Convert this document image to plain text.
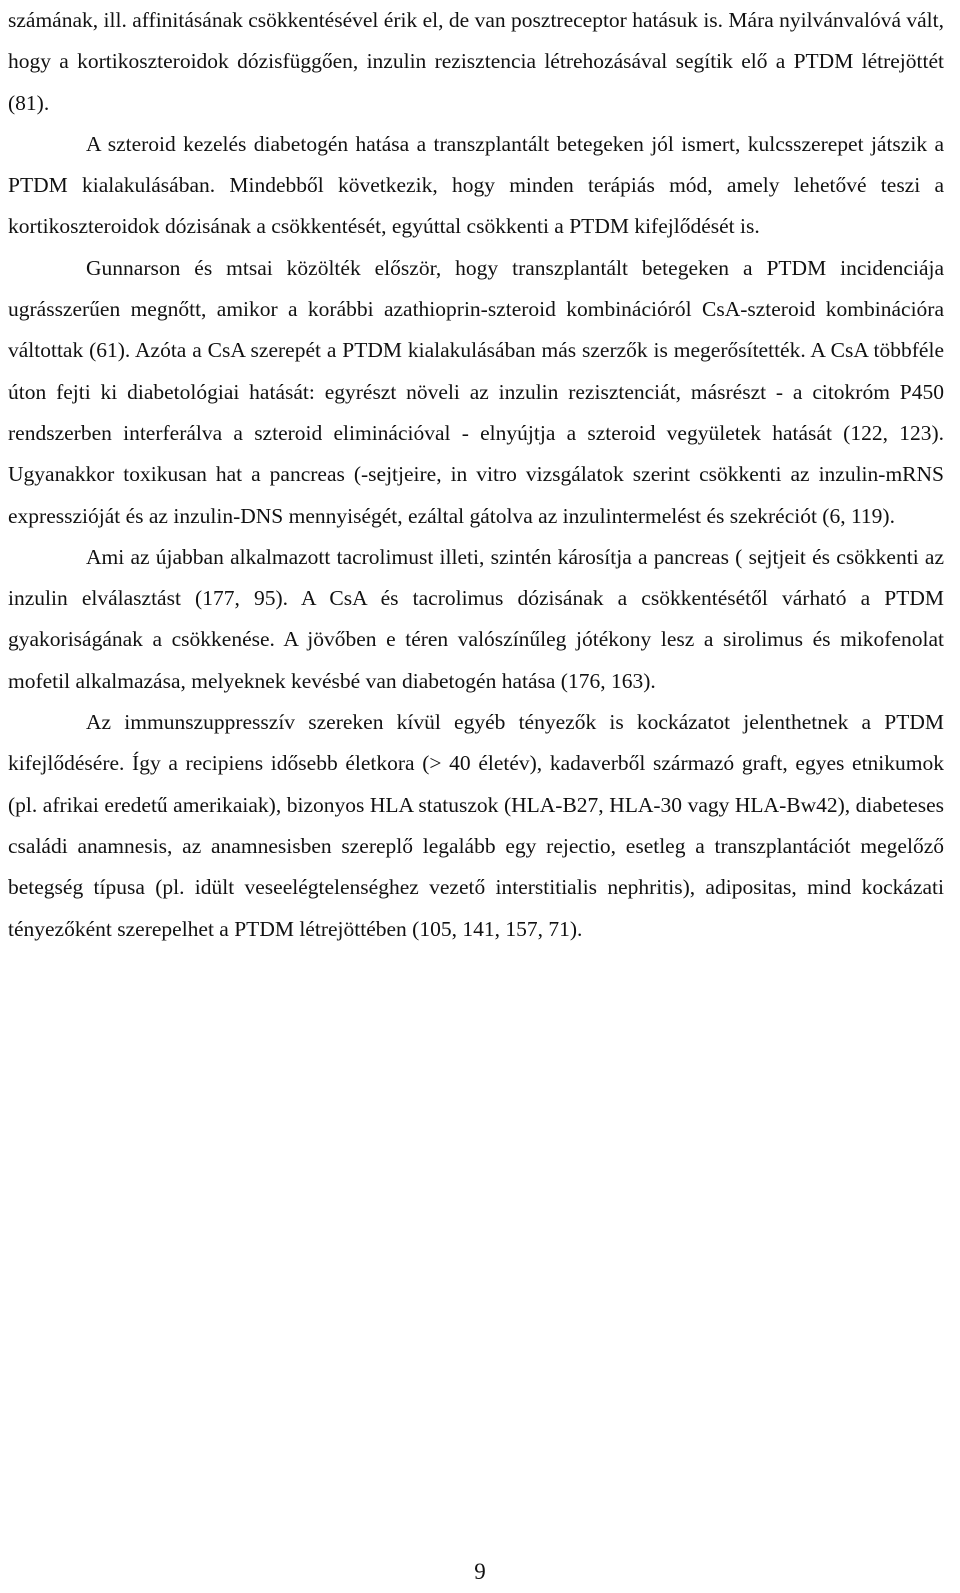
számának, ill. affinitásának csökkentésével érik el, de van posztreceptor hatásuk is. Mára nyilvánvalóvá vált, hogy a kortikoszteroidok dózisfüggően, inzulin rezisztencia létrehozásával segítik elő a PTDM létrejöttét (81).

A szteroid kezelés diabetogén hatása a transzplantált betegeken jól ismert, kulcsszerepet játszik a PTDM kialakulásában. Mindebből következik, hogy minden terápiás mód, amely lehetővé teszi a kortikoszteroidok dózisának a csökkentését, egyúttal csökkenti a PTDM kifejlődését is.

Gunnarson és mtsai közölték először, hogy transzplantált betegeken a PTDM incidenciája ugrásszerűen megnőtt, amikor a korábbi azathioprin-szteroid kombinációról CsA-szteroid kombinációra váltottak (61). Azóta a CsA szerepét a PTDM kialakulásában más szerzők is megerősítették. A CsA többféle úton fejti ki diabetológiai hatását: egyrészt növeli az inzulin rezisztenciát, másrészt - a citokróm P450 rendszerben interferálva a szteroid eliminációval - elnyújtja a szteroid vegyületek hatását (122, 123). Ugyanakkor toxikusan hat a pancreas (-sejtjeire, in vitro vizsgálatok szerint csökkenti az inzulin-mRNS expresszióját és az inzulin-DNS mennyiségét, ezáltal gátolva az inzulintermelést és szekréciót (6, 119).

Ami az újabban alkalmazott tacrolimust illeti, szintén károsítja a pancreas ( sejtjeit és csökkenti az inzulin elválasztást (177, 95). A CsA és tacrolimus dózisának a csökkentésétől várható a PTDM gyakoriságának a csökkenése. A jövőben e téren valószínűleg jótékony lesz a sirolimus és mikofenolat mofetil alkalmazása, melyeknek kevésbé van diabetogén hatása (176, 163).

Az immunszuppresszív szereken kívül egyéb tényezők is kockázatot jelenthetnek a PTDM kifejlődésére. Így a recipiens idősebb életkora (> 40 életév), kadaverből származó graft, egyes etnikumok (pl. afrikai eredetű amerikaiak), bizonyos HLA statuszok (HLA-B27, HLA-30 vagy HLA-Bw42), diabeteses családi anamnesis, az anamnesisben szereplő legalább egy rejectio, esetleg a transzplantációt megelőző betegség típusa (pl. idült veseelégtelenséghez vezető interstitialis nephritis), adipositas, mind kockázati tényezőként szerepelhet a PTDM létrejöttében (105, 141, 157, 71).

9
